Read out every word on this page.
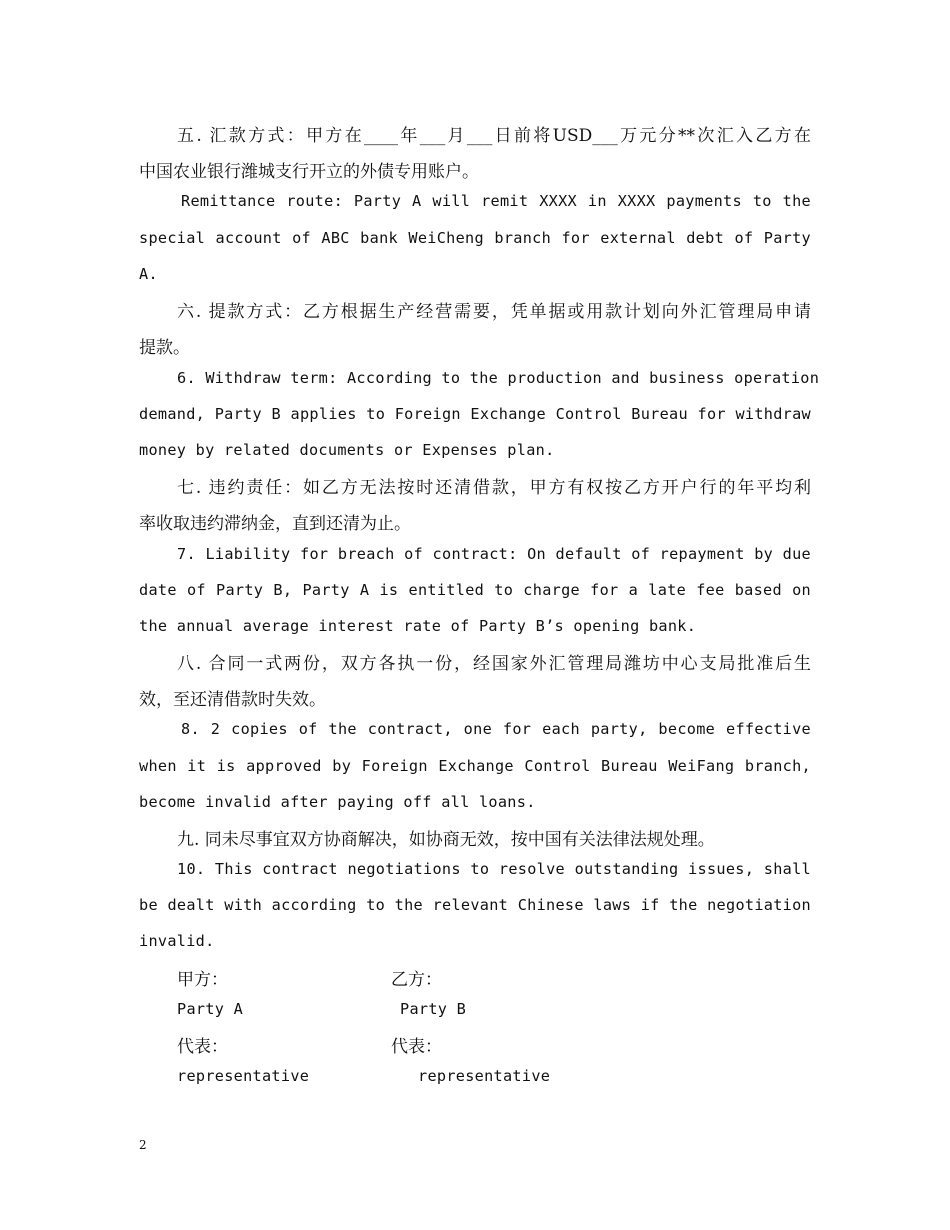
五. 汇款方式：甲方在____年___月___日前将USD___万元分**次汇入乙方在
中国农业银行潍城支行开立的外债专用账户。
Remittance route: Party A will remit XXXX in XXXX payments to the
special account of ABC bank WeiCheng branch for external debt of Party
A.
六. 提款方式：乙方根据生产经营需要，凭单据或用款计划向外汇管理局申请
提款。
6. Withdraw term: According to the production and business operation
demand, Party B applies to Foreign Exchange Control Bureau for withdraw
money by related documents or Expenses plan.
七. 违约责任：如乙方无法按时还清借款，甲方有权按乙方开户行的年平均利
率收取违约滞纳金，直到还清为止。
7. Liability for breach of contract: On default of repayment by due
date of Party B, Party A is entitled to charge for a late fee based on
the annual average interest rate of Party B’s opening bank.
八. 合同一式两份，双方各执一份，经国家外汇管理局潍坊中心支局批准后生
效，至还清借款时失效。
8. 2 copies of the contract, one for each party, become effective
when it is approved by Foreign Exchange Control Bureau WeiFang branch,
become invalid after paying off all loans.
九. 同未尽事宜双方协商解决，如协商无效，按中国有关法律法规处理。
10. This contract negotiations to resolve outstanding issues, shall
be dealt with according to the relevant Chinese laws if the negotiation
invalid.
甲方：	乙方：
Party A	Party B
代表：	代表：
representative	representative
2
